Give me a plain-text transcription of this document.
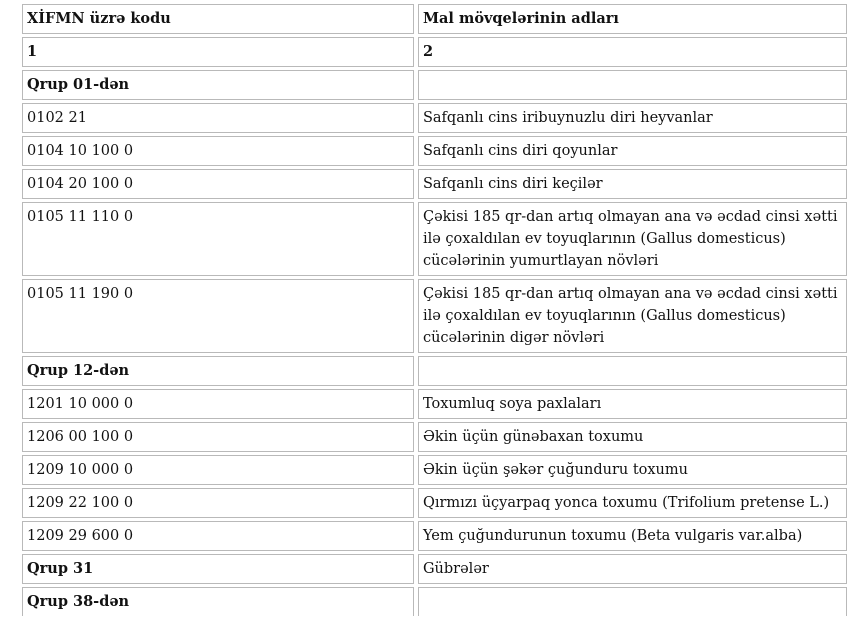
XİFMN üzrə kodu	Mal mövqelərinin adları
1	2
Qrup 01-dən	
0102 21	Safqanlı cins iribuynuzlu diri heyvanlar
0104 10 100 0	Safqanlı cins diri qoyunlar
0104 20 100 0	Safqanlı cins diri keçilər
0105 11 110 0	Çəkisi 185 qr-dan artıq olmayan ana və əcdad cinsi xətti ilə çoxaldılan ev toyuqlarının (Gallus domesticus) cücələrinin yumurtlayan növləri
0105 11 190 0	Çəkisi 185 qr-dan artıq olmayan ana və əcdad cinsi xətti ilə çoxaldılan ev toyuqlarının (Gallus domesticus) cücələrinin digər növləri
Qrup 12-dən	
1201 10 000 0	Toxumluq soya paxlaları
1206 00 100 0	Əkin üçün günəbaxan toxumu
1209 10 000 0	Əkin üçün şəkər çuğunduru toxumu
1209 22 100 0	Qırmızı üçyarpaq yonca toxumu (Trifolium pretense L.)
1209 29 600 0	Yem çuğundurunun toxumu (Beta vulgaris var.alba)
Qrup 31	Gübrələr
Qrup 38-dən	
